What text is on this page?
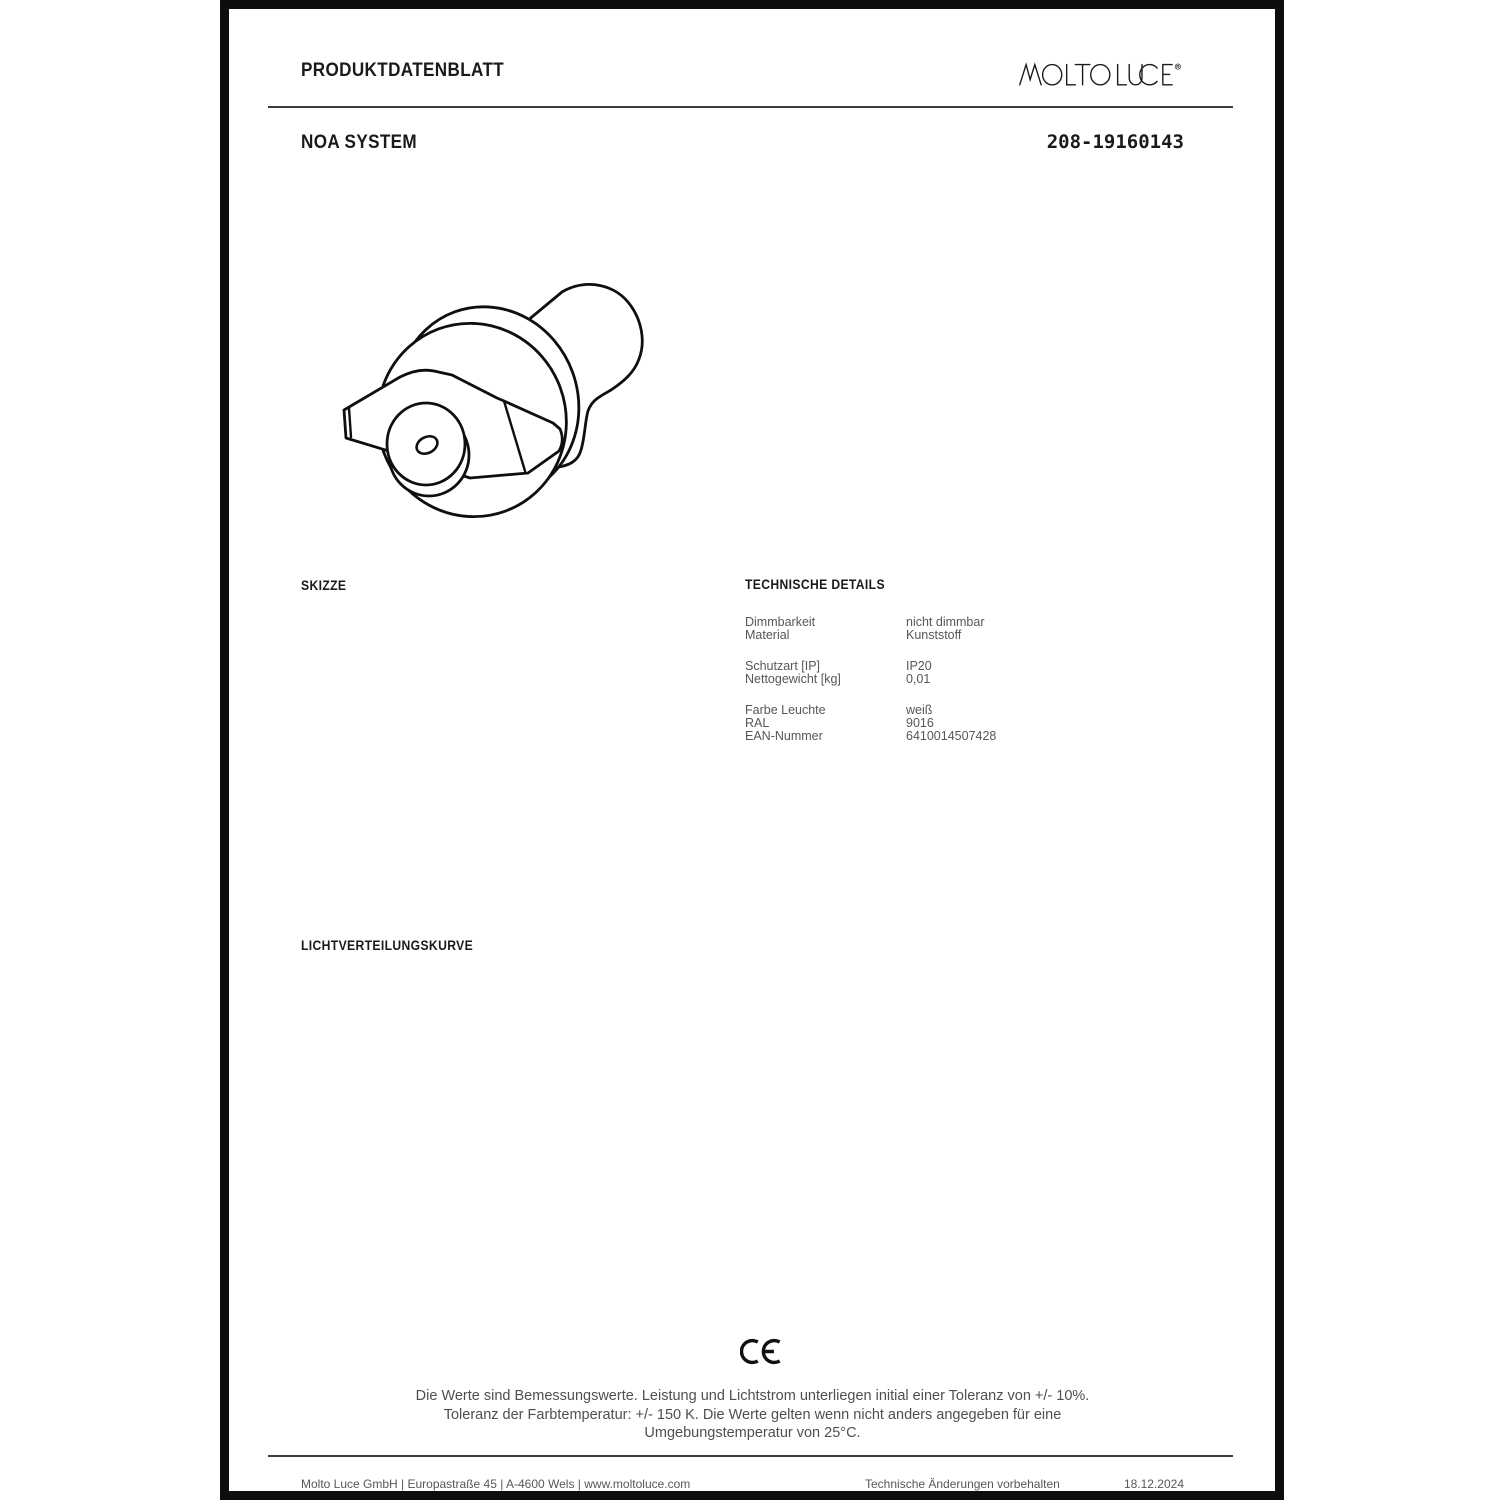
PRODUKTDATENBLATT
NOA SYSTEM	208-19160143
SKIZZE	TECHNISCHE DETAILS
Dimmbarkeit	nicht dimmbar
Material	Kunststoff
Schutzart [IP]	IP20
Nettogewicht [kg]	0,01
Farbe Leuchte	weiß
RAL	9016
EAN-Nummer	6410014507428
LICHTVERTEILUNGSKURVE
Die Werte sind Bemessungswerte. Leistung und Lichtstrom unterliegen initial einer Toleranz von +/- 10%.
Toleranz der Farbtemperatur: +/- 150 K. Die Werte gelten wenn nicht anders angegeben für eine
Umgebungstemperatur von 25°C.
Molto Luce GmbH | Europastraße 45 | A-4600 Wels | www.moltoluce.com	Technische Änderungen vorbehalten	18.12.2024
